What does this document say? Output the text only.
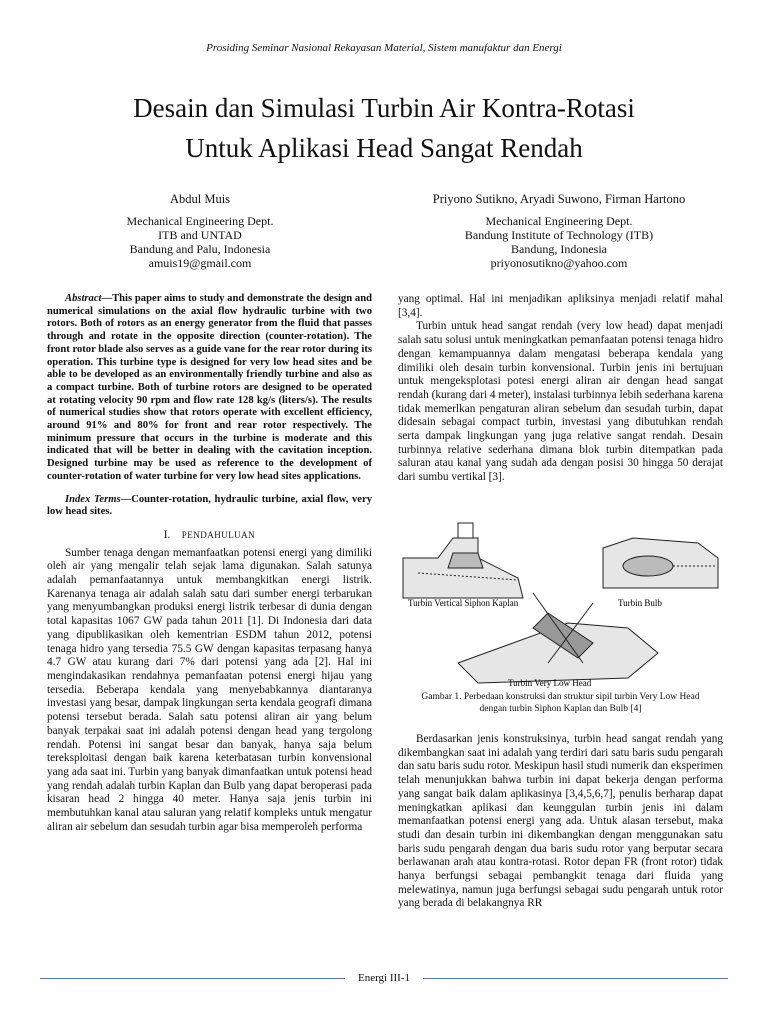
Prosiding Seminar Nasional Rekayasan Material, Sistem manufaktur dan Energi
Desain dan Simulasi Turbin Air Kontra-Rotasi
Untuk Aplikasi Head Sangat Rendah
Abdul Muis
Mechanical Engineering Dept.
ITB and UNTAD
Bandung and Palu, Indonesia
amuis19@gmail.com
Priyono Sutikno, Aryadi Suwono, Firman Hartono
Mechanical Engineering Dept.
Bandung Institute of Technology (ITB)
Bandung, Indonesia
priyonosutikno@yahoo.com

Abstract—This paper aims to study and demonstrate the design and numerical simulations on the axial flow hydraulic turbine with two rotors. Both of rotors as an energy generator from the fluid that passes through and rotate in the opposite direction (counter-rotation). The front rotor blade also serves as a guide vane for the rear rotor during its operation. This turbine type is designed for very low head sites and be able to be developed as an environmentally friendly turbine and also as a compact turbine. Both of turbine rotors are designed to be operated at rotating velocity 90 rpm and flow rate 128 kg/s (liters/s). The results of numerical studies show that rotors operate with excellent efficiency, around 91% and 80% for front and rear rotor respectively. The minimum pressure that occurs in the turbine is moderate and this indicated that will be better in dealing with the cavitation inception. Designed turbine may be used as reference to the development of counter-rotation of water turbine for very low head sites applications.

Index Terms—Counter-rotation, hydraulic turbine, axial flow, very low head sites.

I. PENDAHULUAN

Sumber tenaga dengan memanfaatkan potensi energi yang dimiliki oleh air yang mengalir telah sejak lama digunakan. Salah satunya adalah pemanfaatannya untuk membangkitkan energi listrik. Karenanya tenaga air adalah salah satu dari sumber energi terbarukan yang menyumbangkan produksi energi listrik terbesar di dunia dengan total kapasitas 1067 GW pada tahun 2011 [1]. Di Indonesia dari data yang dipublikasikan oleh kementrian ESDM tahun 2012, potensi tenaga hidro yang tersedia 75.5 GW dengan kapasitas terpasang hanya 4.7 GW atau kurang dari 7% dari potensi yang ada [2]. Hal ini mengindakasikan rendahnya pemanfaatan potensi energi hijau yang tersedia. Beberapa kendala yang menyebabkannya diantaranya investasi yang besar, dampak lingkungan serta kendala geografi dimana potensi tersebut berada. Salah satu potensi aliran air yang belum banyak terpakai saat ini adalah potensi dengan head yang tergolong rendah. Potensi ini sangat besar dan banyak, hanya saja belum tereksploitasi dengan baik karena keterbatasan turbin konvensional yang ada saat ini. Turbin yang banyak dimanfaatkan untuk potensi head yang rendah adalah turbin Kaplan dan Bulb yang dapat beroperasi pada kisaran head 2 hingga 40 meter. Hanya saja jenis turbin ini membutuhkan kanal atau saluran yang relatif kompleks untuk mengatur aliran air sebelum dan sesudah turbin agar bisa memperoleh performa

yang optimal. Hal ini menjadikan apliksinya menjadi relatif mahal [3,4].

Turbin untuk head sangat rendah (very low head) dapat menjadi salah satu solusi untuk meningkatkan pemanfaatan potensi tenaga hidro dengan kemampuannya dalam mengatasi beberapa kendala yang dimiliki oleh desain turbin konvensional. Turbin jenis ini bertujuan untuk mengeksplotasi potesi energi aliran air dengan head sangat rendah (kurang dari 4 meter), instalasi turbinnya lebih sederhana karena tidak memerlkan pengaturan aliran sebelum dan sesudah turbin, dapat didesain sebagai compact turbin, investasi yang dibutuhkan rendah serta dampak lingkungan yang juga relative sangat rendah. Desain turbinnya relative sederhana dimana blok turbin ditempatkan pada saluran atau kanal yang sudah ada dengan posisi 30 hingga 50 derajat dari sumbu vertikal [3].

Turbin Vertical Siphon Kaplan	Turbin Bulb
Turbin Very Low Head
Gambar 1. Perbedaan konstruksi dan struktur sipil turbin Very Low Head
dengan turbin Siphon Kaplan dan Bulb [4]

Berdasarkan jenis konstruksinya, turbin head sangat rendah yang dikembangkan saat ini adalah yang terdiri dari satu baris sudu pengarah dan satu baris sudu rotor. Meskipun hasil studi numerik dan eksperimen telah menunjukkan bahwa turbin ini dapat bekerja dengan performa yang sangat baik dalam aplikasinya [3,4,5,6,7], penulis berharap dapat meningkatkan aplikasi dan keunggulan turbin jenis ini dalam memanfaatkan potensi energi yang ada. Untuk alasan tersebut, maka studi dan desain turbin ini dikembangkan dengan menggunakan satu baris sudu pengarah dengan dua baris sudu rotor yang berputar secara berlawanan arah atau kontra-rotasi. Rotor depan FR (front rotor) tidak hanya berfungsi sebagai pembangkit tenaga dari fluida yang melewatinya, namun juga berfungsi sebagai sudu pengarah untuk rotor yang berada di belakangnya RR

Energi III-1
